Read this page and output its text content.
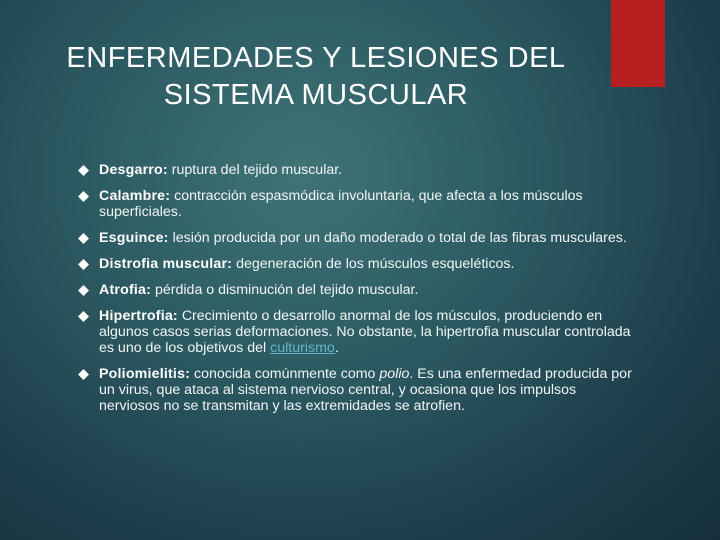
ENFERMEDADES Y LESIONES DEL
SISTEMA MUSCULAR
Desgarro: ruptura del tejido muscular.
Calambre: contracción espasmódica involuntaria, que afecta a los músculos superficiales.
Esguince: lesión producida por un daño moderado o total de las fibras musculares.
Distrofia muscular: degeneración de los músculos esqueléticos.
Atrofia: pérdida o disminución del tejido muscular.
Hipertrofia: Crecimiento o desarrollo anormal de los músculos, produciendo en algunos casos serias deformaciones. No obstante, la hipertrofia muscular controlada es uno de los objetivos del culturismo.
Poliomielitis: conocida comúnmente como polio. Es una enfermedad producida por un virus, que ataca al sistema nervioso central, y ocasiona que los impulsos nerviosos no se transmitan y las extremidades se atrofien.
